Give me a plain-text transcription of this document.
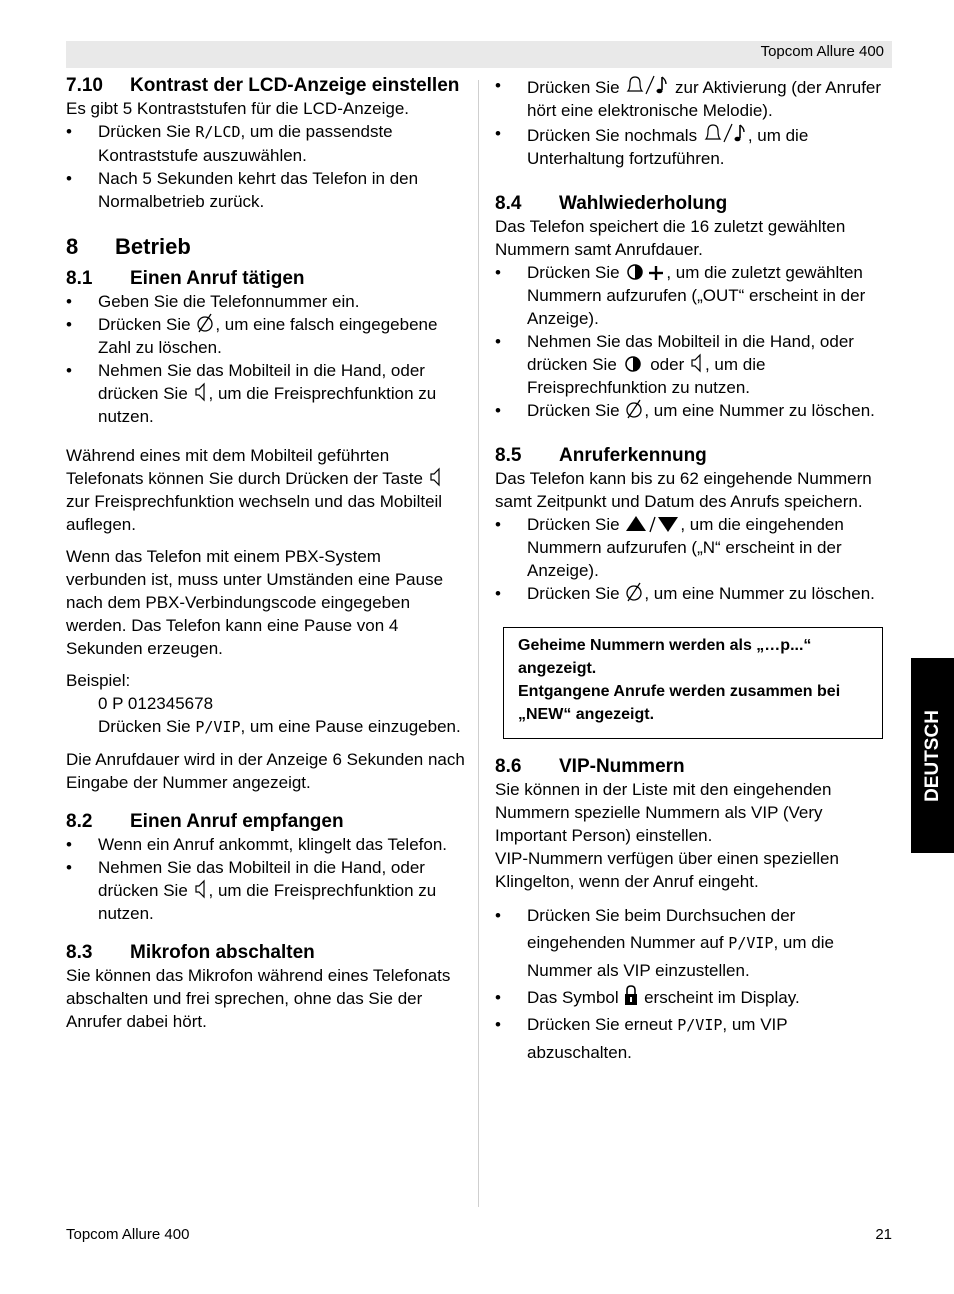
Topcom Allure 400
7.10	Kontrast der LCD-Anzeige einstellen

Es gibt 5 Kontraststufen für die LCD-Anzeige.

•	Drücken Sie R/LCD, um die passendste Kontraststufe auszuwählen.
•	Nach 5 Sekunden kehrt das Telefon in den Normalbetrieb zurück.
8	Betrieb
8.1	Einen Anruf tätigen
•	Geben Sie die Telefonnummer ein.
•	Drücken Sie , um eine falsch eingegebene Zahl zu löschen.
•	Nehmen Sie das Mobilteil in die Hand, oder drücken Sie , um die Freisprechfunktion zu nutzen.

Während eines mit dem Mobilteil geführten Telefonats können Sie durch Drücken der Taste  zur Freisprechfunktion wechseln und das Mobilteil auflegen.

Wenn das Telefon mit einem PBX-System verbunden ist, muss unter Umständen eine Pause nach dem PBX-Verbindungscode eingegeben werden. Das Telefon kann eine Pause von 4 Sekunden erzeugen.

Beispiel:

0 P 012345678

Drücken Sie P/VIP, um eine Pause einzugeben.

Die Anrufdauer wird in der Anzeige 6 Sekunden nach Eingabe der Nummer angezeigt.

8.2	Einen Anruf empfangen
•	Wenn ein Anruf ankommt, klingelt das Telefon.
•	Nehmen Sie das Mobilteil in die Hand, oder drücken Sie , um die Freisprechfunktion zu nutzen.
8.3	Mikrofon abschalten

Sie können das Mikrofon während eines Telefonats abschalten und frei sprechen, ohne das Sie der Anrufer dabei hört.

•	Drücken Sie	zur Aktivierung (der Anrufer hört eine elektronische Melodie).
•	Drücken Sie nochmals	, um die Unterhaltung fortzuführen.
8.4	Wahlwiederholung

Das Telefon speichert die 16 zuletzt gewählten Nummern samt Anrufdauer.

•	Drücken Sie , um die zuletzt gewählten Nummern aufzurufen („OUT“ erscheint in der Anzeige).
•	Nehmen Sie das Mobilteil in die Hand, oder drücken Sie  oder , um die Freisprechfunktion zu nutzen.
•	Drücken Sie , um eine Nummer zu löschen.
8.5	Anruferkennung

Das Telefon kann bis zu 62 eingehende Nummern samt Zeitpunkt und Datum des Anrufs speichern.

•	Drücken Sie	, um die eingehenden Nummern aufzurufen („N“ erscheint in der Anzeige).
•	Drücken Sie , um eine Nummer zu löschen.
Geheime Nummern werden als „…p...“ angezeigt.
Entgangene Anrufe werden zusammen bei „NEW“ angezeigt.
8.6	VIP-Nummern

Sie können in der Liste mit den eingehenden Nummern spezielle Nummern als VIP (Very Important Person) einstellen.

VIP-Nummern verfügen über einen speziellen Klingelton, wenn der Anruf eingeht.

•	Drücken Sie beim Durchsuchen der eingehenden Nummer auf P/VIP, um die Nummer als VIP einzustellen.
•	Das Symbol  erscheint im Display.
•	Drücken Sie erneut P/VIP, um VIP abzuschalten.
DEUTSCH
Topcom Allure 400	21
